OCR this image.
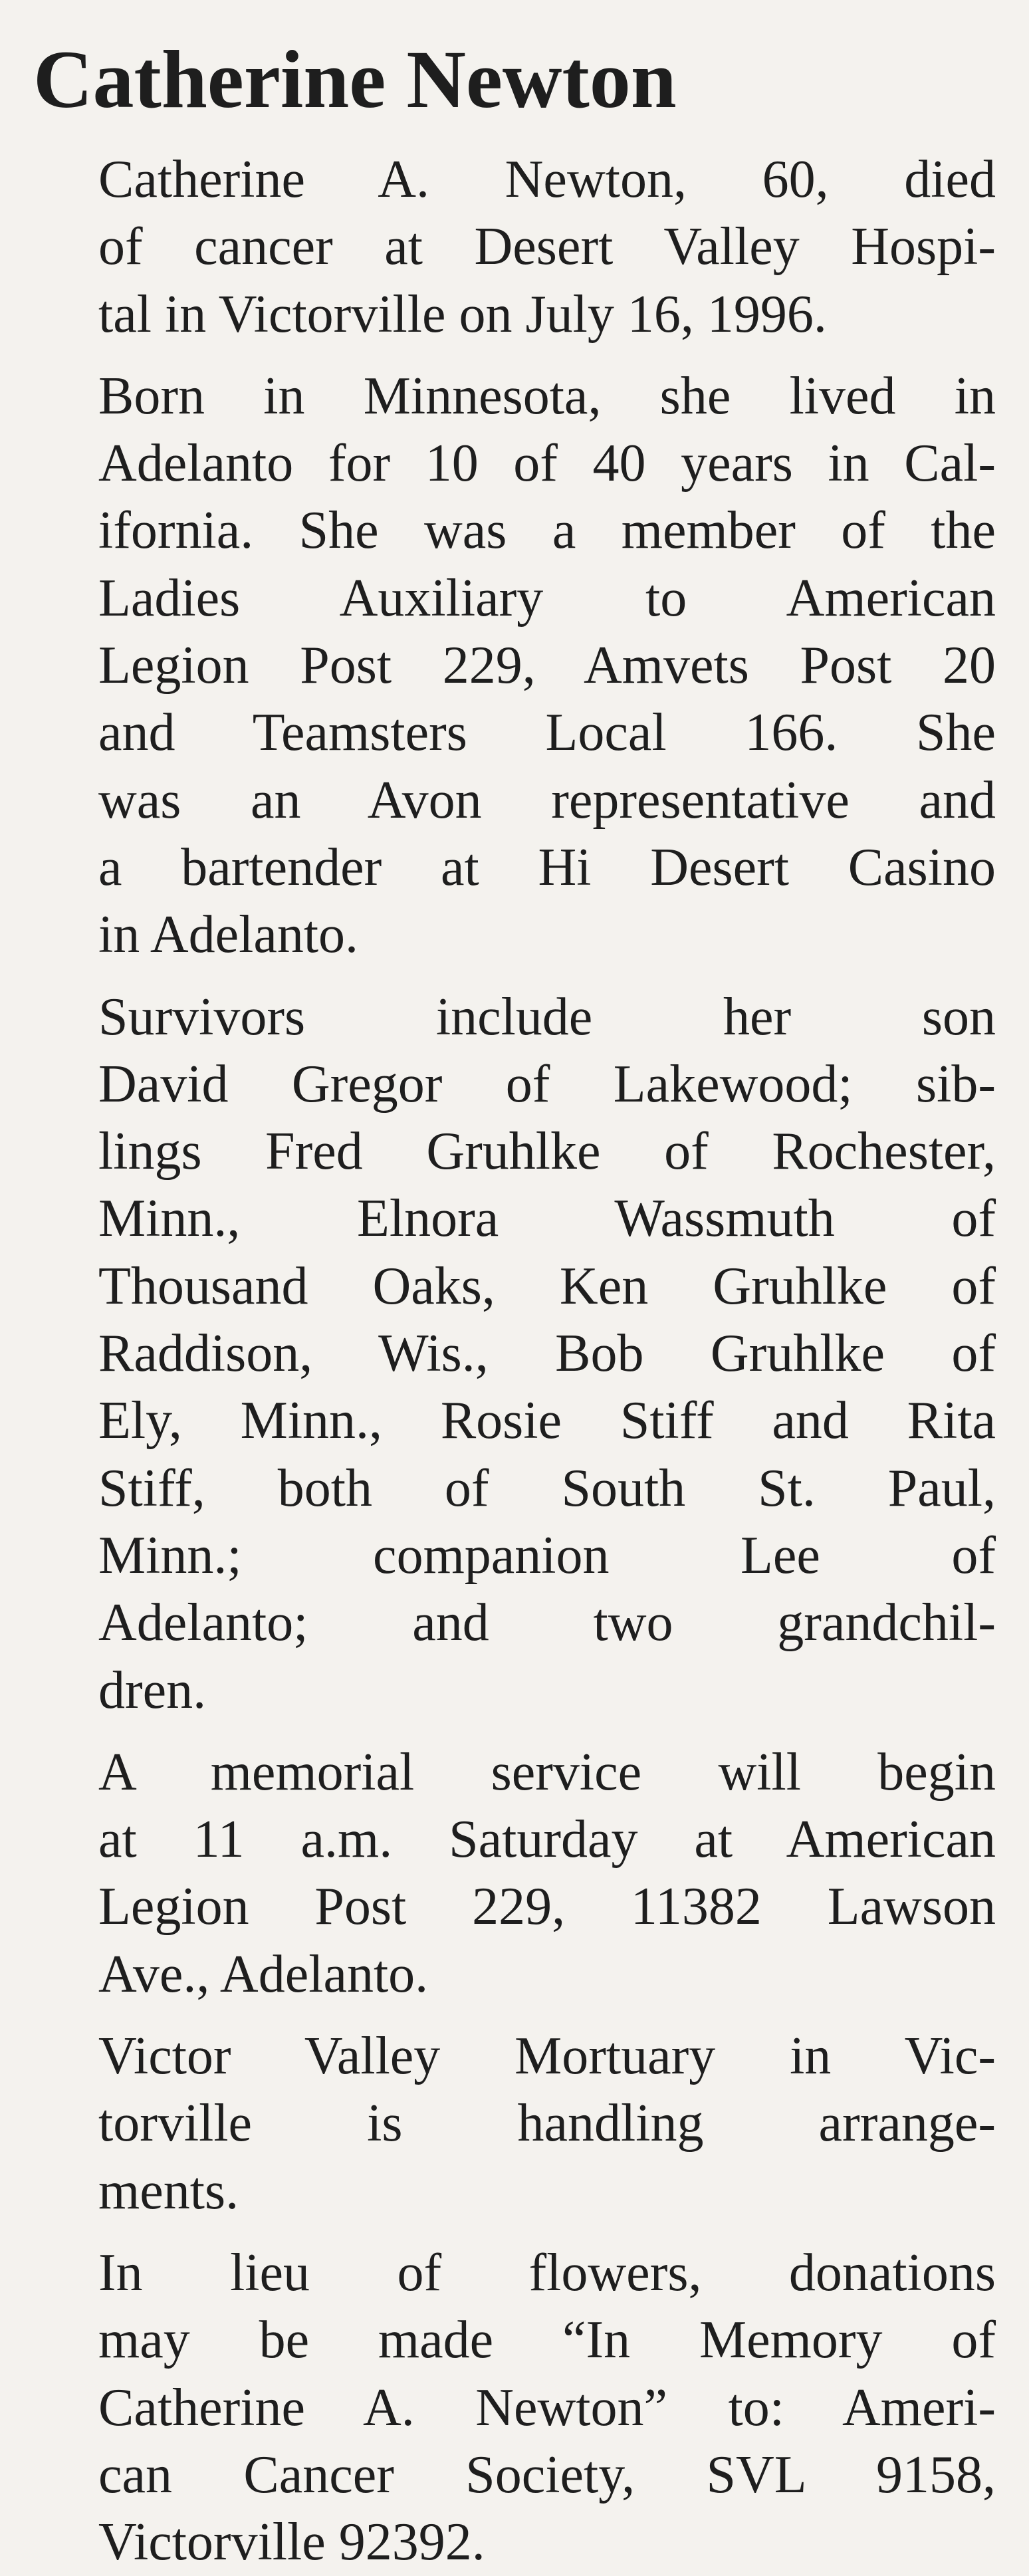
Catherine Newton
Catherine A. Newton, 60, died
of cancer at Desert Valley Hospi-
tal in Victorville on July 16, 1996.
Born in Minnesota, she lived in
Adelanto for 10 of 40 years in Cal-
ifornia. She was a member of the
Ladies Auxiliary to American
Legion Post 229, Amvets Post 20
and Teamsters Local 166. She
was an Avon representative and
a bartender at Hi Desert Casino
in Adelanto.
Survivors include her son
David Gregor of Lakewood; sib-
lings Fred Gruhlke of Rochester,
Minn., Elnora Wassmuth of
Thousand Oaks, Ken Gruhlke of
Raddison, Wis., Bob Gruhlke of
Ely, Minn., Rosie Stiff and Rita
Stiff, both of South St. Paul,
Minn.; companion Lee of
Adelanto; and two grandchil-
dren.
A memorial service will begin
at 11 a.m. Saturday at American
Legion Post 229, 11382 Lawson
Ave., Adelanto.
Victor Valley Mortuary in Vic-
torville is handling arrange-
ments.
In lieu of flowers, donations
may be made “In Memory of
Catherine A. Newton” to: Ameri-
can Cancer Society, SVL 9158,
Victorville 92392.
